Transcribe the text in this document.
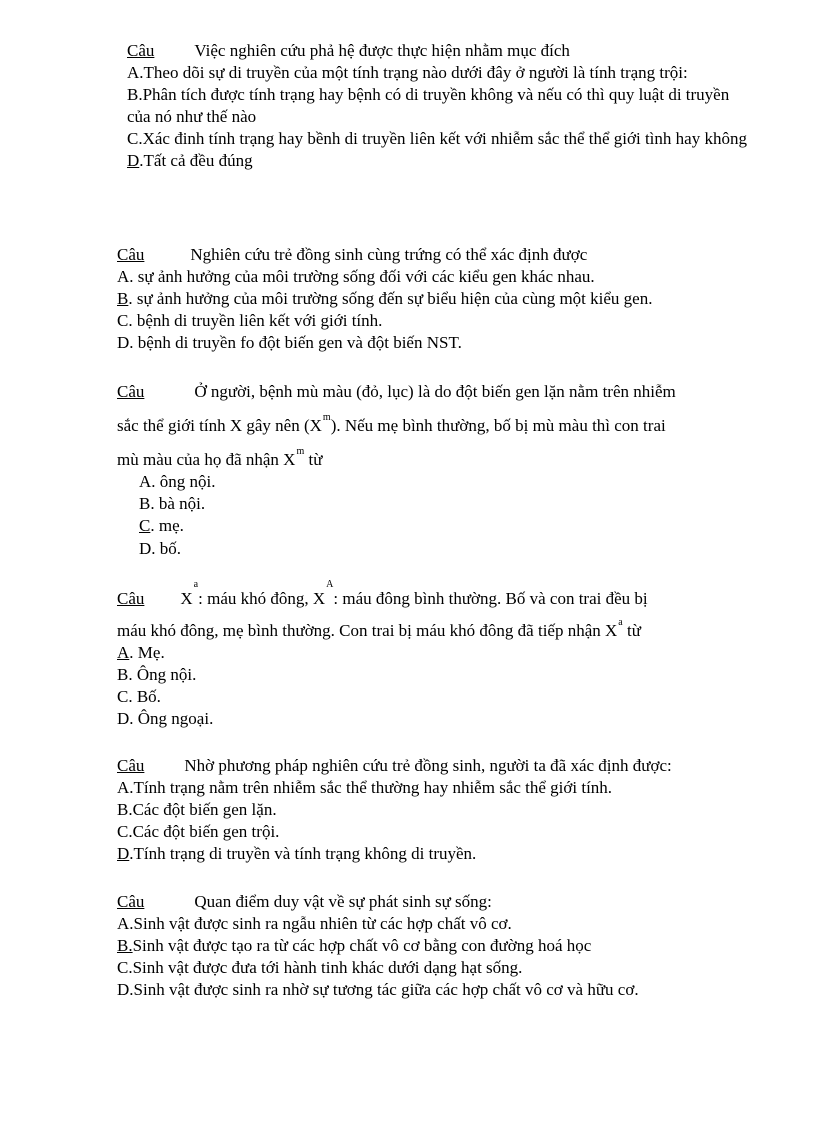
Câu Việc nghiên cứu phả hệ được thực hiện nhằm mục đích
A.Theo dõi sự di truyền của một tính trạng nào dưới đây ở người là tính trạng trội:
B.Phân tích được tính trạng hay bệnh có di truyền không và nếu có thì quy luật di truyền của nó như thế nào
C.Xác đinh tính trạng hay bềnh di truyền liên kết với nhiễm sắc thể thể giới tình hay không
D.Tất cả đều đúng
Câu	Nghiên cứu trẻ đồng sinh cùng trứng có thể xác định được
A. sự ảnh hưởng của môi trường sống đối với các kiểu gen khác nhau.
B. sự ảnh hưởng của môi trường sống đến sự biểu hiện của cùng một kiểu gen.
C. bệnh di truyền liên kết với giới tính.
D. bệnh di truyền fo đột biến gen và đột biến NST.
Câu	Ở người, bệnh mù màu (đỏ, lục) là do đột biến gen lặn nằm trên nhiễm
sắc thể giới tính X gây nên $(X^m)$. Nếu mẹ bình thường, bố bị mù màu thì con trai
mù màu của họ đã nhận $X^m$ từ
A. ông nội.
B. bà nội.
C. mẹ.
D. bố.
Câu $X^a$: máu khó đông, $X^A$: máu đông bình thường. Bố và con trai đều bị
máu khó đông, mẹ bình thường. Con trai bị máu khó đông đã tiếp nhận $X^a$ từ
A. Mẹ.
B. Ông nội.
C. Bố.
D. Ông ngoại.
Câu Nhờ phương pháp nghiên cứu trẻ đồng sinh, người ta đã xác định được:
A.Tính trạng nằm trên nhiễm sắc thể thường hay nhiễm sắc thể giới tính.
B.Các đột biến gen lặn.
C.Các đột biến gen trội.
D.Tính trạng di truyền và tính trạng không di truyền.
Câu	Quan điểm duy vật về sự phát sinh sự sống:
A.Sinh vật được sinh ra ngẫu nhiên từ các hợp chất vô cơ.
B.Sinh vật được tạo ra từ các hợp chất vô cơ bằng con đường hoá học
C.Sinh vật được đưa tới hành tinh khác dưới dạng hạt sống.
D.Sinh vật được sinh ra nhờ sự tương tác giữa các hợp chất vô cơ và hữu cơ.
